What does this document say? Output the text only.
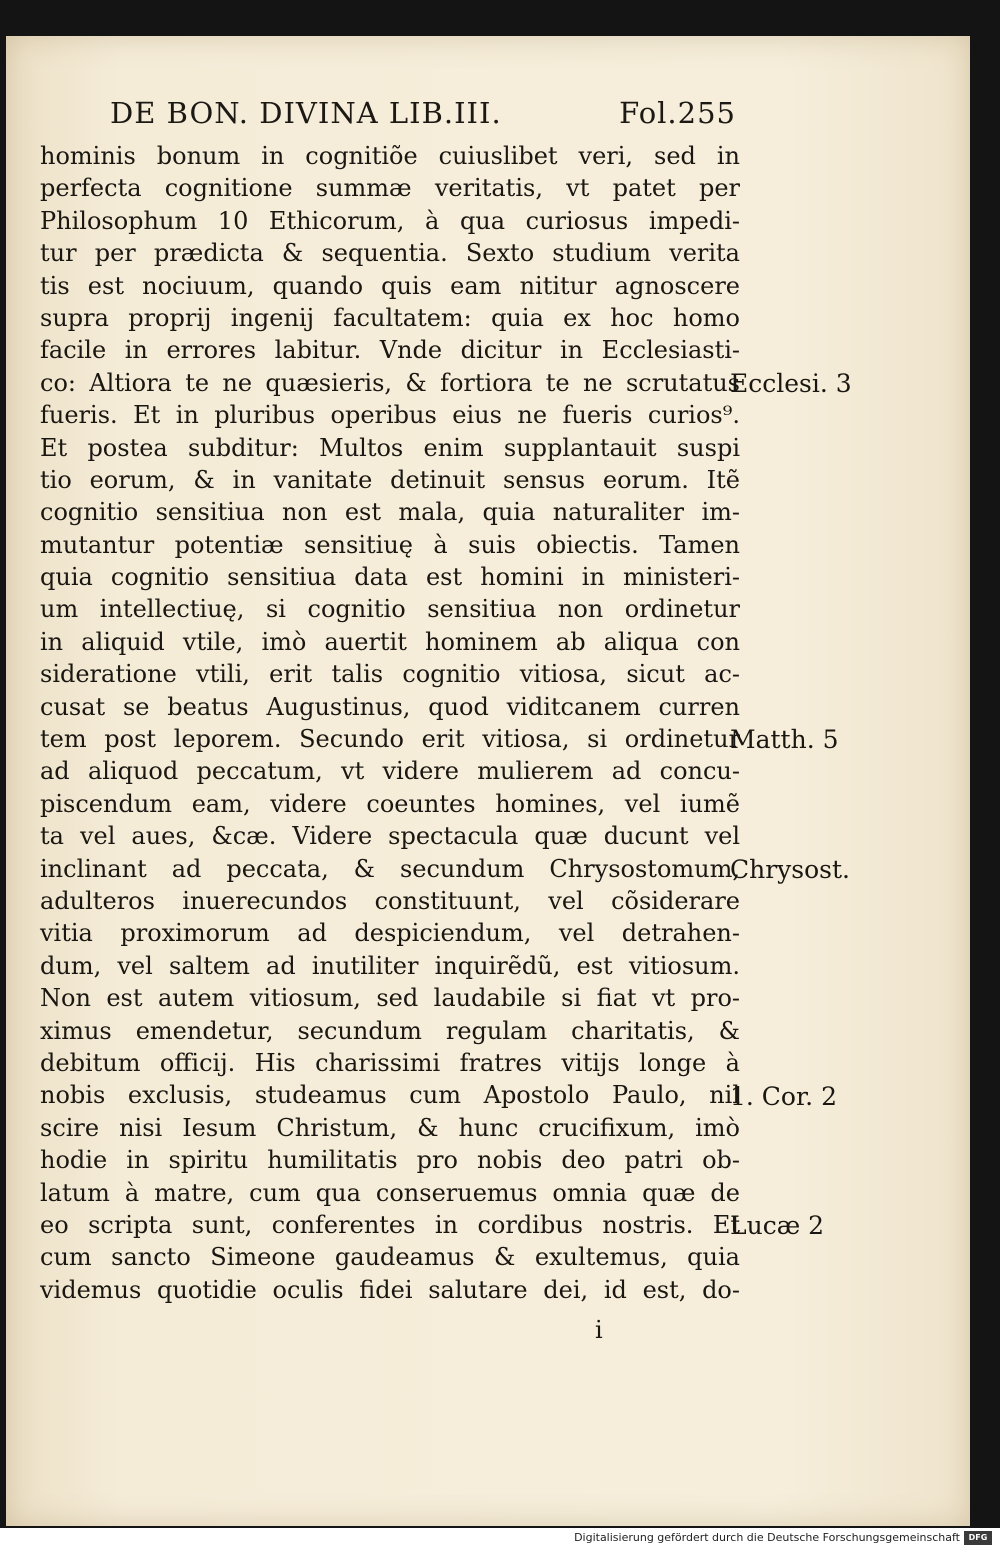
DE BON. DIVINA LIB.III.	Fol.255
hominis bonum in cognitiõe cuiuslibet veri, sed in
perfecta cognitione summæ veritatis, vt patet per
Philosophum 10 Ethicorum, à qua curiosus impedi-
tur per prædicta & sequentia. Sexto studium verita
tis est nociuum, quando quis eam nititur agnoscere
supra proprij ingenij facultatem: quia ex hoc homo
facile in errores labitur. Vnde dicitur in Ecclesiasti-
co: Altiora te ne quæsieris, & fortiora te ne scrutatus
fueris. Et in pluribus operibus eius ne fueris curios⁹.
Et postea subditur: Multos enim supplantauit suspi
tio eorum, & in vanitate detinuit sensus eorum. Itẽ
cognitio sensitiua non est mala, quia naturaliter im-
mutantur potentiæ sensitiuę à suis obiectis. Tamen
quia cognitio sensitiua data est homini in ministeri-
um intellectiuę, si cognitio sensitiua non ordinetur
in aliquid vtile, imò auertit hominem ab aliqua con
sideratione vtili, erit talis cognitio vitiosa, sicut ac-
cusat se beatus Augustinus, quod viditcanem curren
tem post leporem. Secundo erit vitiosa, si ordinetur
ad aliquod peccatum, vt videre mulierem ad concu-
piscendum eam, videre coeuntes homines, vel iumẽ
ta vel aues, &cæ. Videre spectacula quæ ducunt vel
inclinant ad peccata, & secundum Chrysostomum,
adulteros inuerecundos constituunt, vel cõsiderare
vitia proximorum ad despiciendum, vel detrahen-
dum, vel saltem ad inutiliter inquirẽdũ, est vitiosum.
Non est autem vitiosum, sed laudabile si fiat vt pro-
ximus emendetur, secundum regulam charitatis, &
debitum officij. His charissimi fratres vitijs longe à
nobis exclusis, studeamus cum Apostolo Paulo, nil
scire nisi Iesum Christum, & hunc crucifixum, imò
hodie in spiritu humilitatis pro nobis deo patri ob-
latum à matre, cum qua conseruemus omnia quæ de
eo scripta sunt, conferentes in cordibus nostris. Et
cum sancto Simeone gaudeamus & exultemus, quia
videmus quotidie oculis fidei salutare dei, id est, do-
Ecclesi. 3
Matth. 5
Chrysost.
1. Cor. 2
Lucæ 2
i
Digitalisierung gefördert durch die Deutsche Forschungsgemeinschaft	DFG
